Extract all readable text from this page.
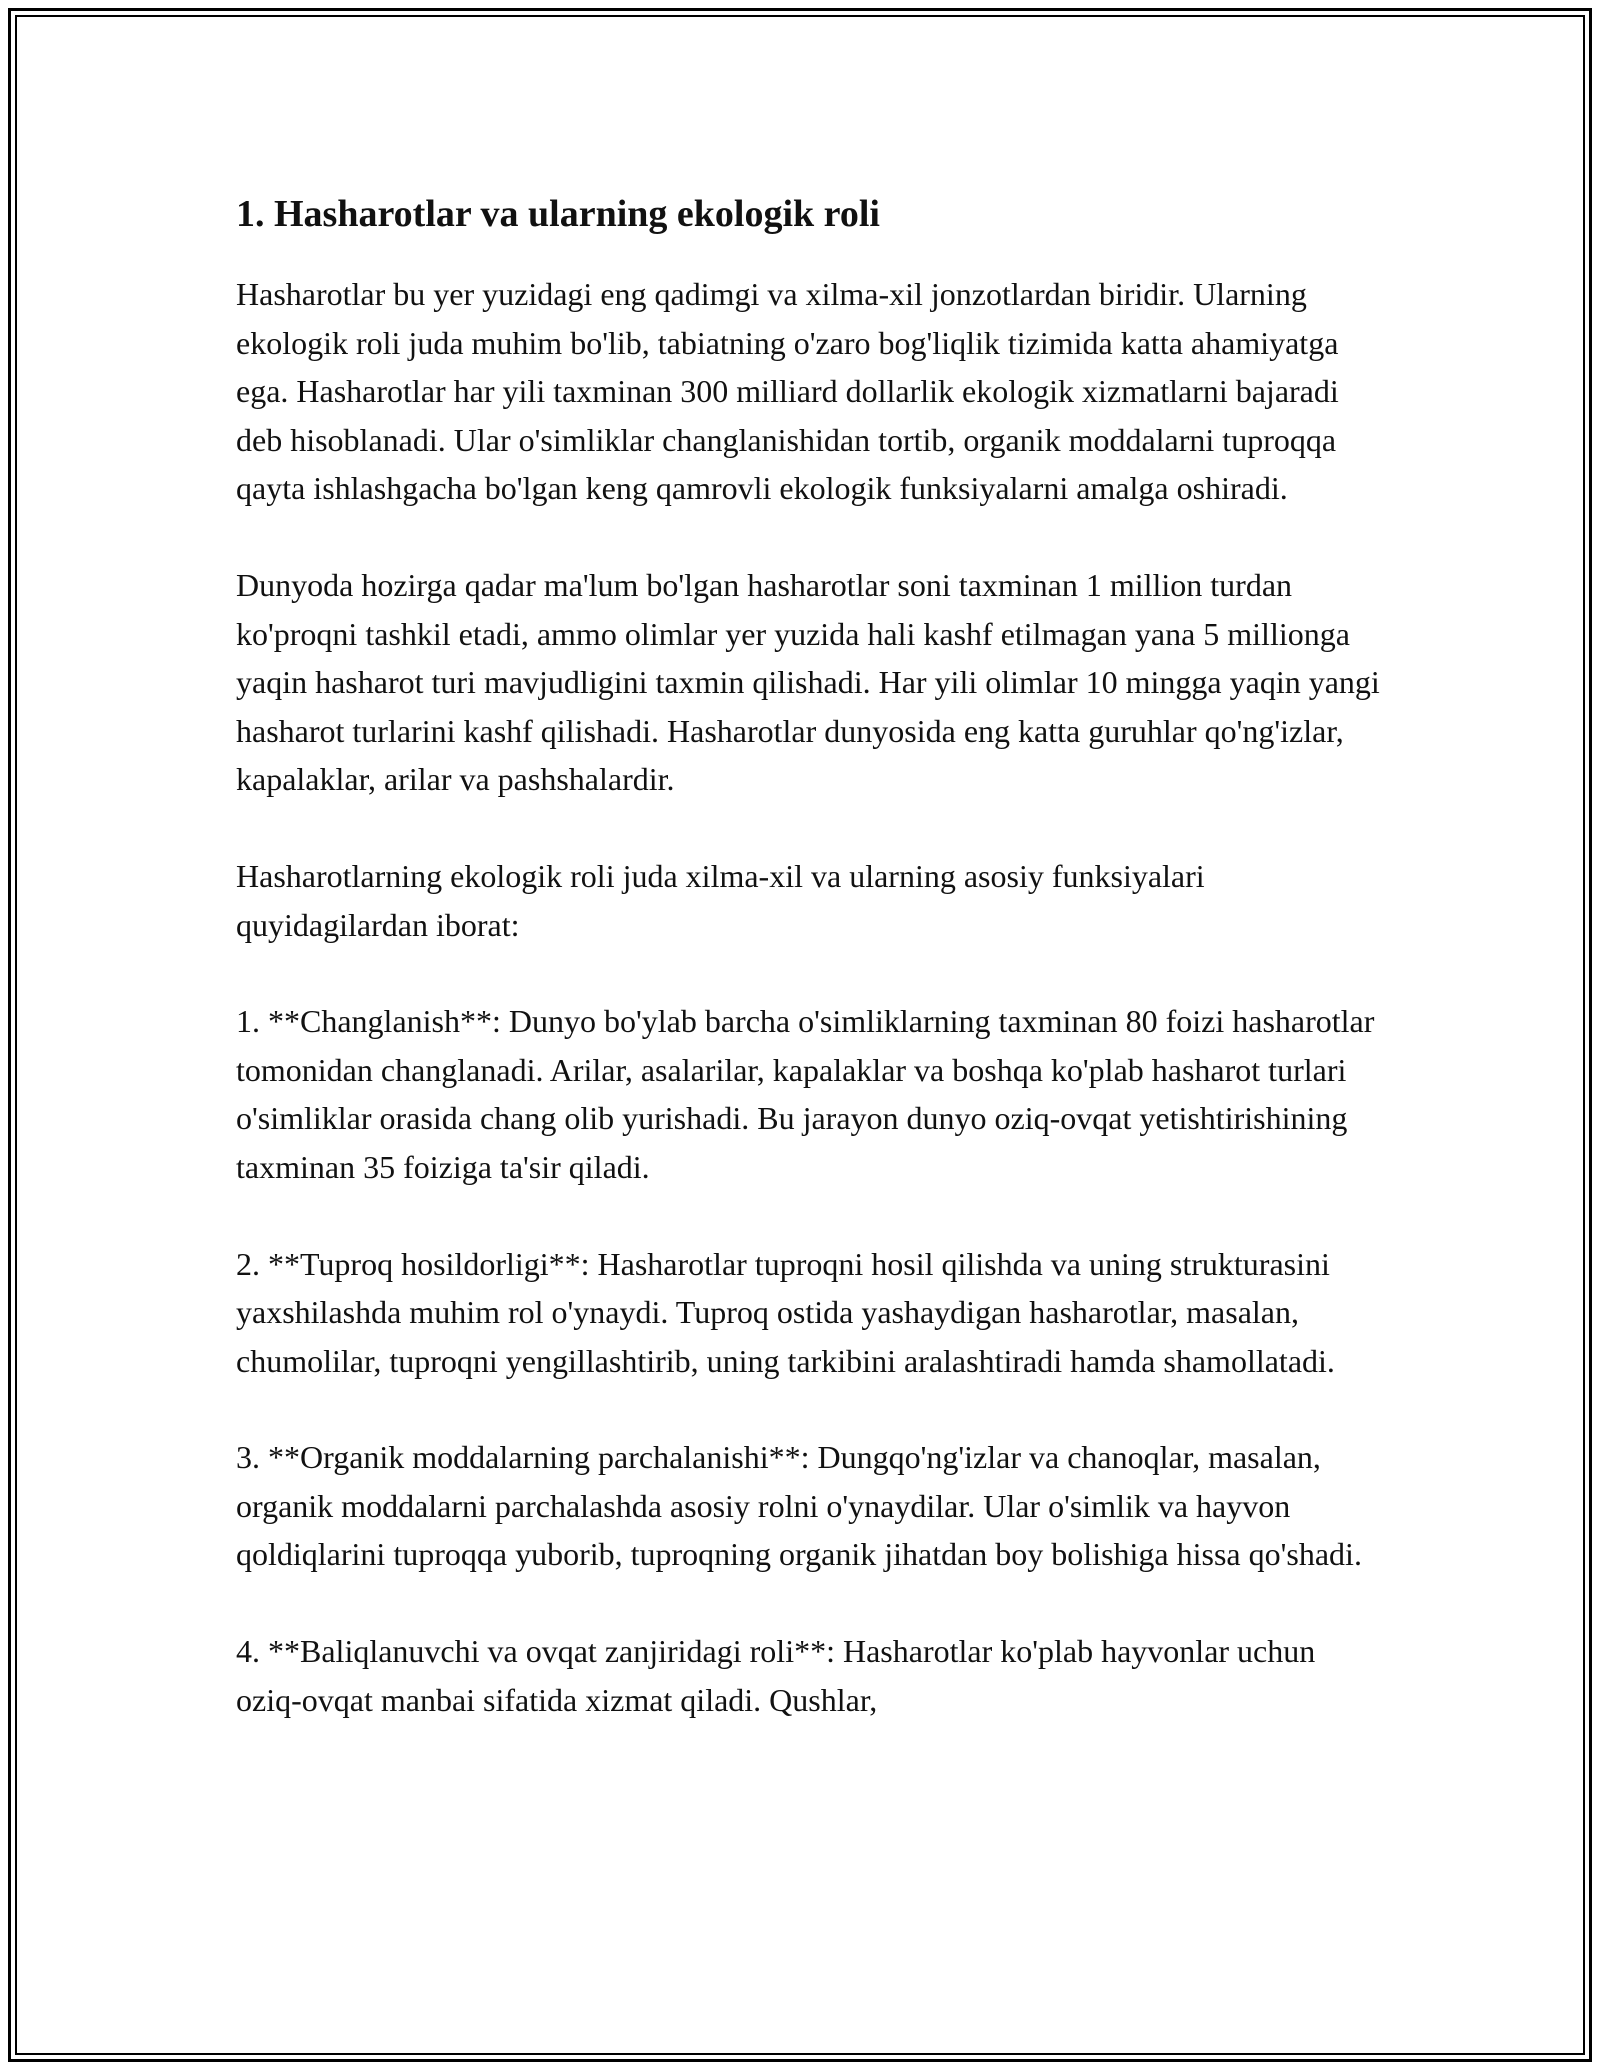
1. Hasharotlar va ularning ekologik roli

Hasharotlar bu yer yuzidagi eng qadimgi va xilma-xil jonzotlardan biridir. Ularning ekologik roli juda muhim bo'lib, tabiatning o'zaro bog'liqlik tizimida katta ahamiyatga ega. Hasharotlar har yili taxminan 300 milliard dollarlik ekologik xizmatlarni bajaradi deb hisoblanadi. Ular o'simliklar changlanishidan tortib, organik moddalarni tuproqqa qayta ishlashgacha bo'lgan keng qamrovli ekologik funksiyalarni amalga oshiradi.

Dunyoda hozirga qadar ma'lum bo'lgan hasharotlar soni taxminan 1 million turdan ko'proqni tashkil etadi, ammo olimlar yer yuzida hali kashf etilmagan yana 5 millionga yaqin hasharot turi mavjudligini taxmin qilishadi. Har yili olimlar 10 mingga yaqin yangi hasharot turlarini kashf qilishadi. Hasharotlar dunyosida eng katta guruhlar qo'ng'izlar, kapalaklar, arilar va pashshalardir.

Hasharotlarning ekologik roli juda xilma-xil va ularning asosiy funksiyalari quyidagilardan iborat:

1. **Changlanish**: Dunyo bo'ylab barcha o'simliklarning taxminan 80 foizi hasharotlar tomonidan changlanadi. Arilar, asalarilar, kapalaklar va boshqa ko'plab hasharot turlari o'simliklar orasida chang olib yurishadi. Bu jarayon dunyo oziq-ovqat yetishtirishining taxminan 35 foiziga ta'sir qiladi.

2. **Tuproq hosildorligi**: Hasharotlar tuproqni hosil qilishda va uning strukturasini yaxshilashda muhim rol o'ynaydi. Tuproq ostida yashaydigan hasharotlar, masalan, chumolilar, tuproqni yengillashtirib, uning tarkibini aralashtiradi hamda shamollatadi.

3. **Organik moddalarning parchalanishi**: Dungqo'ng'izlar va chanoqlar, masalan, organik moddalarni parchalashda asosiy rolni o'ynaydilar. Ular o'simlik va hayvon qoldiqlarini tuproqqa yuborib, tuproqning organik jihatdan boy bolishiga hissa qo'shadi.

4. **Baliqlanuvchi va ovqat zanjiridagi roli**: Hasharotlar ko'plab hayvonlar uchun oziq-ovqat manbai sifatida xizmat qiladi. Qushlar,
